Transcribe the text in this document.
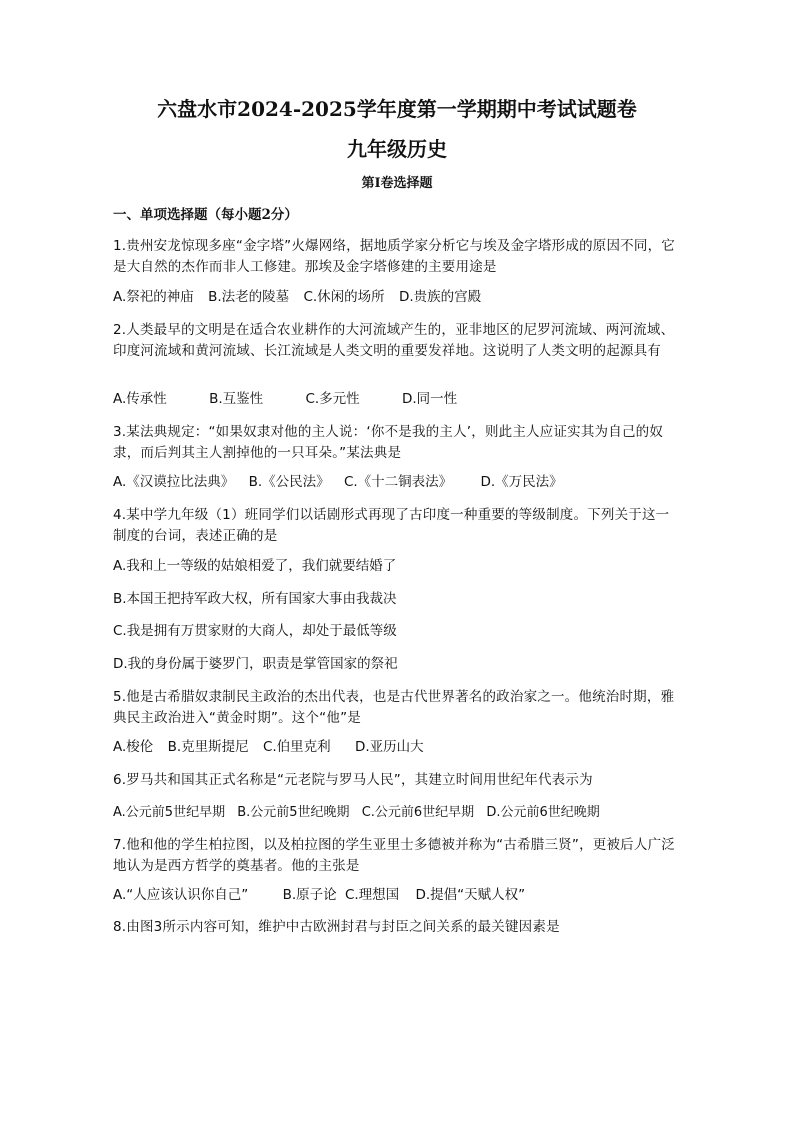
六盘水市2024-2025学年度第一学期期中考试试题卷
九年级历史
第Ⅰ卷选择题
一、单项选择题（每小题2分）
1.贵州安龙惊现多座“金字塔”火爆网络，据地质学家分析它与埃及金字塔形成的原因不同，它是大自然的杰作而非人工修建。那埃及金字塔修建的主要用途是
A.祭祀的神庙 B.法老的陵墓 C.休闲的场所 D.贵族的宫殿
2.人类最早的文明是在适合农业耕作的大河流域产生的，亚非地区的尼罗河流域、两河流域、印度河流域和黄河流域、长江流域是人类文明的重要发祥地。这说明了人类文明的起源具有
A.传承性	B.互鉴性	C.多元性	D.同一性
3.某法典规定：“如果奴隶对他的主人说：‘你不是我的主人’，则此主人应证实其为自己的奴隶，而后判其主人割掉他的一只耳朵。”某法典是
A.《汉谟拉比法典》 B.《公民法》 C.《十二铜表法》 D.《万民法》
4.某中学九年级（1）班同学们以话剧形式再现了古印度一种重要的等级制度。下列关于这一制度的台词，表述正确的是
A.我和上一等级的姑娘相爱了，我们就要结婚了
B.本国王把持军政大权，所有国家大事由我裁决
C.我是拥有万贯家财的大商人，却处于最低等级
D.我的身份属于婆罗门，职责是掌管国家的祭祀
5.他是古希腊奴隶制民主政治的杰出代表，也是古代世界著名的政治家之一。他统治时期，雅典民主政治进入“黄金时期”。这个“他”是
A.梭伦 B.克里斯提尼 C.伯里克利 D.亚历山大
6.罗马共和国其正式名称是“元老院与罗马人民”，其建立时间用世纪年代表示为
A.公元前5世纪早期 B.公元前5世纪晚期 C.公元前6世纪早期 D.公元前6世纪晚期
7.他和他的学生柏拉图，以及柏拉图的学生亚里士多德被并称为“古希腊三贤”，更被后人广泛地认为是西方哲学的奠基者。他的主张是
A.“人应该认识你自己”	B.原子论 C.理想国 D.提倡“天赋人权”
8.由图3所示内容可知，维护中古欧洲封君与封臣之间关系的最关键因素是
